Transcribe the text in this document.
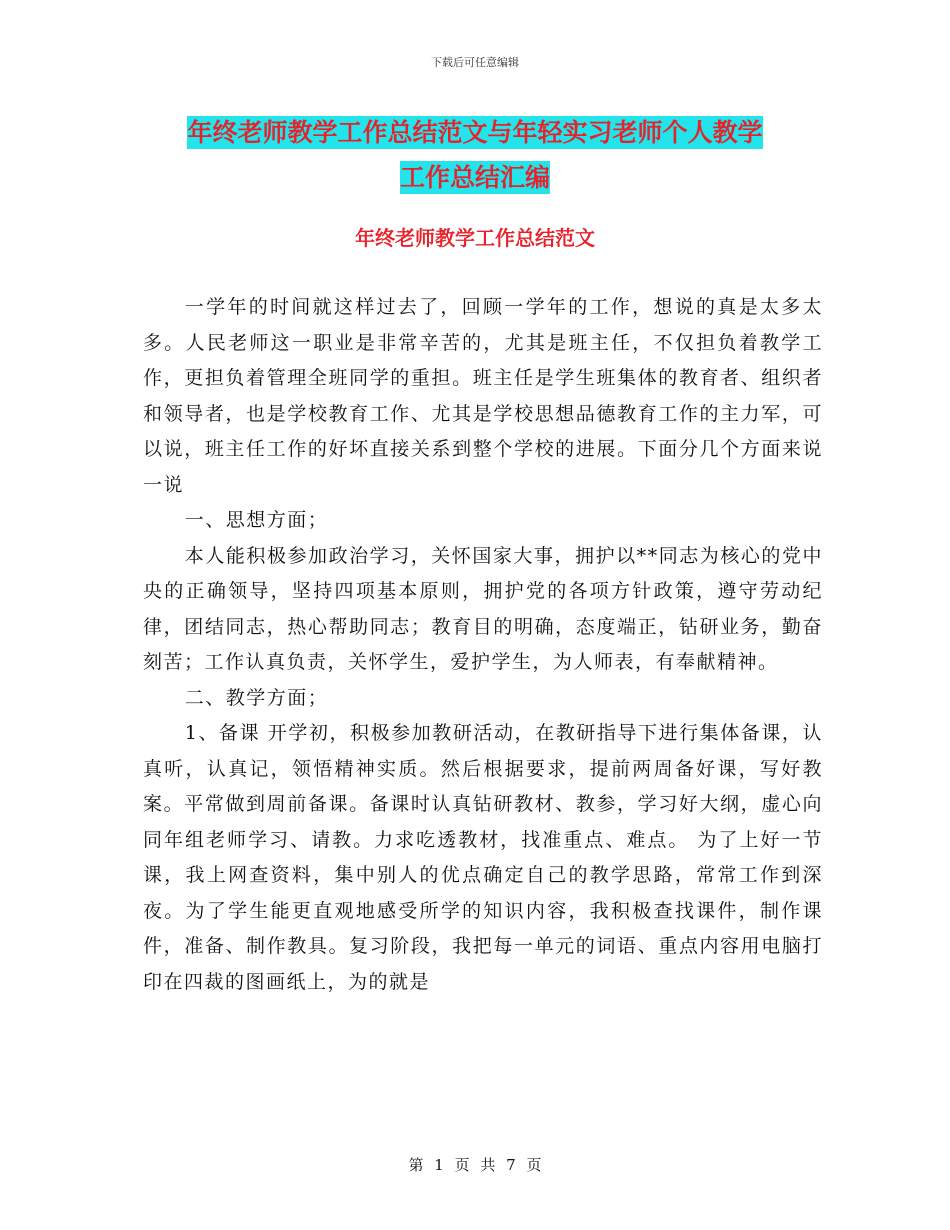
下载后可任意编辑
年终老师教学工作总结范文与年轻实习老师个人教学
工作总结汇编
年终老师教学工作总结范文

一学年的时间就这样过去了，回顾一学年的工作，想说的真是太多太多。人民老师这一职业是非常辛苦的，尤其是班主任，不仅担负着教学工作，更担负着管理全班同学的重担。班主任是学生班集体的教育者、组织者和领导者，也是学校教育工作、尤其是学校思想品德教育工作的主力军，可以说，班主任工作的好坏直接关系到整个学校的进展。下面分几个方面来说一说

一、思想方面；

本人能积极参加政治学习，关怀国家大事，拥护以**同志为核心的党中央的正确领导，坚持四项基本原则，拥护党的各项方针政策，遵守劳动纪律，团结同志，热心帮助同志；教育目的明确，态度端正，钻研业务，勤奋刻苦；工作认真负责，关怀学生，爱护学生，为人师表，有奉献精神。

二、教学方面；

1、备课 开学初，积极参加教研活动，在教研指导下进行集体备课，认真听，认真记，领悟精神实质。然后根据要求，提前两周备好课，写好教案。平常做到周前备课。备课时认真钻研教材、教参，学习好大纲，虚心向同年组老师学习、请教。力求吃透教材，找准重点、难点。 为了上好一节课，我上网查资料，集中别人的优点确定自己的教学思路，常常工作到深夜。为了学生能更直观地感受所学的知识内容，我积极查找课件，制作课件，准备、制作教具。复习阶段，我把每一单元的词语、重点内容用电脑打印在四裁的图画纸上，为的就是

第 1 页 共 7 页
